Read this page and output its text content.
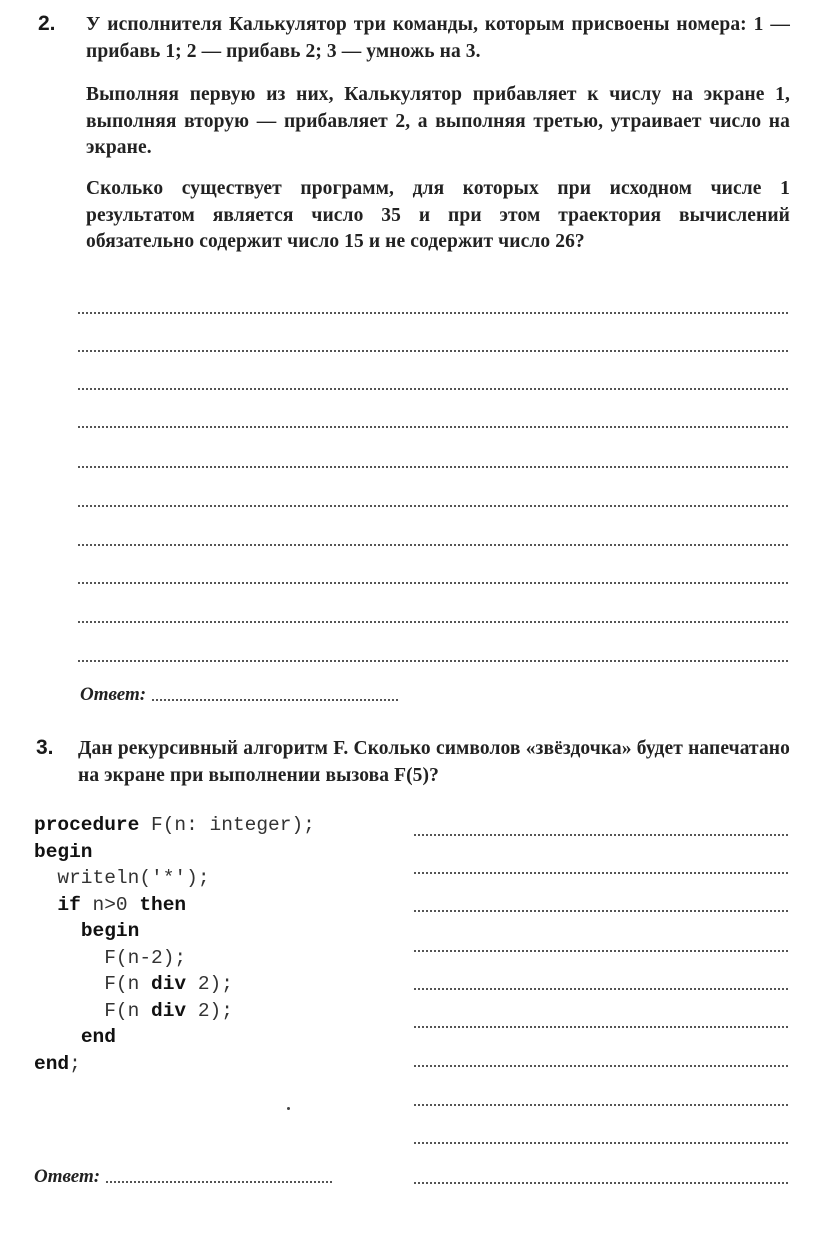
2. У исполнителя Калькулятор три команды, которым присвоены номера: 1 — прибавь 1; 2 — прибавь 2; 3 — умножь на 3.
Выполняя первую из них, Калькулятор прибавляет к числу на экране 1, выполняя вторую — прибавляет 2, а выполняя третью, утраивает число на экране.
Сколько существует программ, для которых при исходном числе 1 результатом является число 35 и при этом траектория вычислений обязательно содержит число 15 и не содержит число 26?
Ответ:
3. Дан рекурсивный алгоритм F. Сколько символов «звёздочка» будет напечатано на экране при выполнении вызова F(5)?
procedure F(n: integer);
begin
writeln('*');
if n>0 then
begin
F(n-2);
F(n div 2);
F(n div 2);
end
end;
Ответ:
